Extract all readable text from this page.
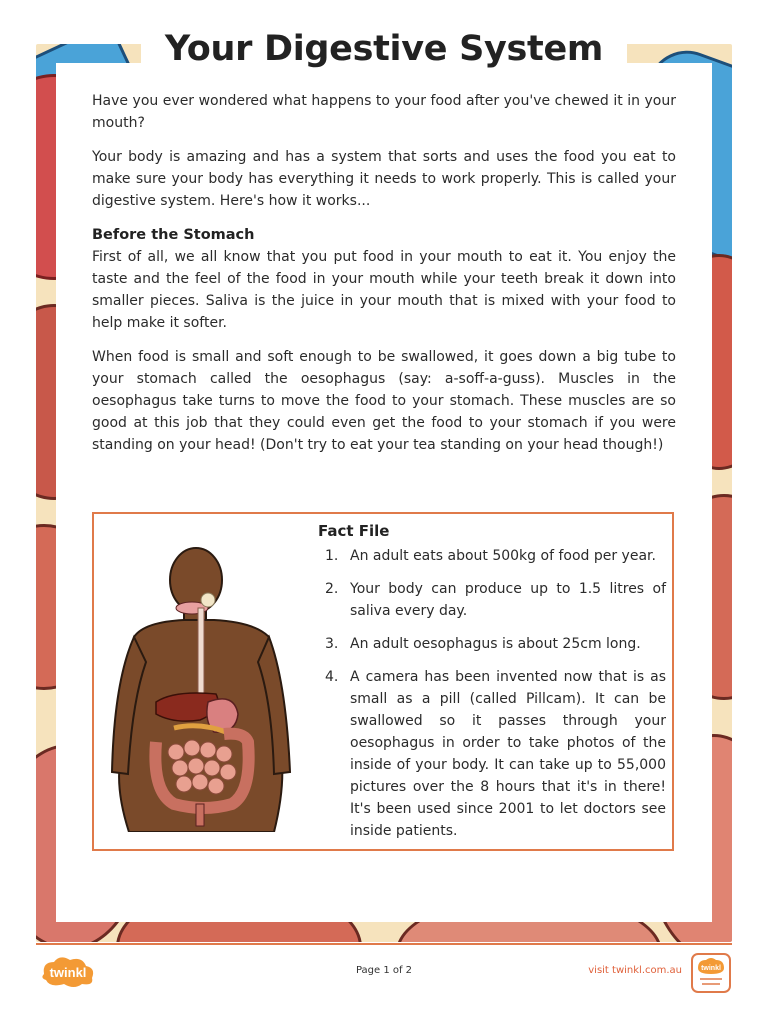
Your Digestive System

Have you ever wondered what happens to your food after you've chewed it in your mouth?

Your body is amazing and has a system that sorts and uses the food you eat to make sure your body has everything it needs to work properly. This is called your digestive system. Here's how it works...

Before the Stomach

First of all, we all know that you put food in your mouth to eat it. You enjoy the taste and the feel of the food in your mouth while your teeth break it down into smaller pieces. Saliva is the juice in your mouth that is mixed with your food to help make it softer.

When food is small and soft enough to be swallowed, it goes down a big tube to your stomach called the oesophagus (say: a-soff-a-guss). Muscles in the oesophagus take turns to move the food to your stomach. These muscles are so good at this job that they could even get the food to your stomach if you were standing on your head! (Don't try to eat your tea standing on your head though!)

Fact File
1. An adult eats about 500kg of food per year.
2. Your body can produce up to 1.5 litres of saliva every day.
3. An adult oesophagus is about 25cm long.
4. A camera has been invented now that is as small as a pill (called Pillcam). It can be swallowed so it passes through your oesophagus in order to take photos of the inside of your body. It can take up to 55,000 pictures over the 8 hours that it's in there! It's been used since 2001 to let doctors see inside patients.
twinkl	Page 1 of 2	visit twinkl.com.au	twinkl
